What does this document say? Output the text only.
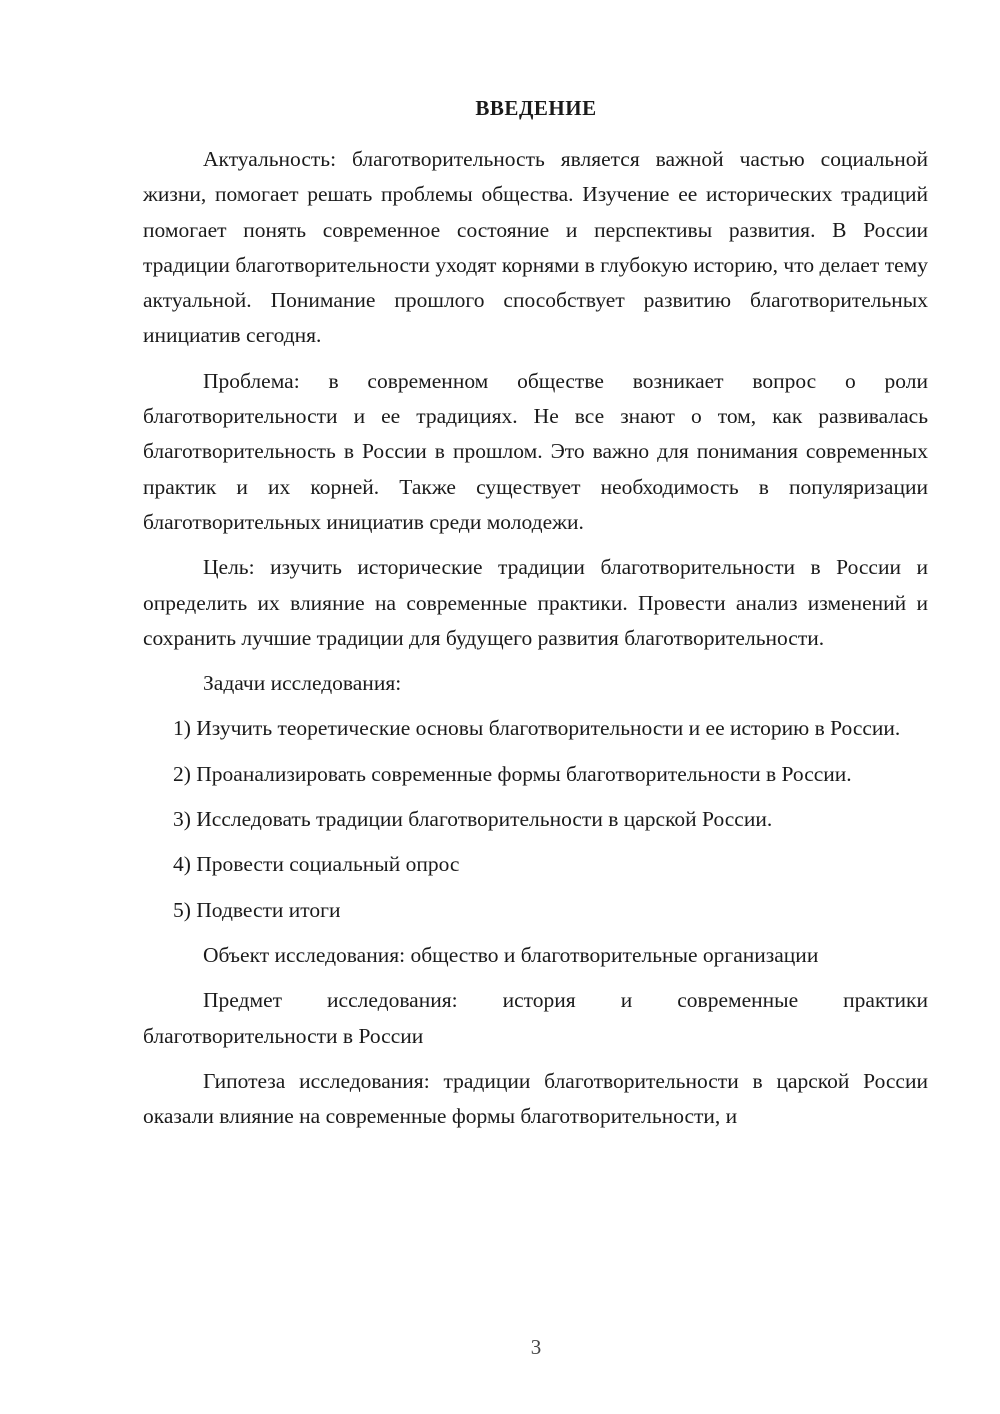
ВВЕДЕНИЕ

Актуальность: благотворительность является важной частью социальной жизни, помогает решать проблемы общества. Изучение ее исторических традиций помогает понять современное состояние и перспективы развития. В России традиции благотворительности уходят корнями в глубокую историю, что делает тему актуальной. Понимание прошлого способствует развитию благотворительных инициатив сегодня.

Проблема: в современном обществе возникает вопрос о роли благотворительности и ее традициях. Не все знают о том, как развивалась благотворительность в России в прошлом. Это важно для понимания современных практик и их корней. Также существует необходимость в популяризации благотворительных инициатив среди молодежи.

Цель: изучить исторические традиции благотворительности в России и определить их влияние на современные практики. Провести анализ изменений и сохранить лучшие традиции для будущего развития благотворительности.

Задачи исследования:

1) Изучить теоретические основы благотворительности и ее историю в России.

2) Проанализировать современные формы благотворительности в России.

3) Исследовать традиции благотворительности в царской России.

4) Провести социальный опрос

5) Подвести итоги

Объект исследования: общество и благотворительные организации

Предмет исследования: история и современные практики благотворительности в России

Гипотеза исследования: традиции благотворительности в царской России оказали влияние на современные формы благотворительности, и

3
